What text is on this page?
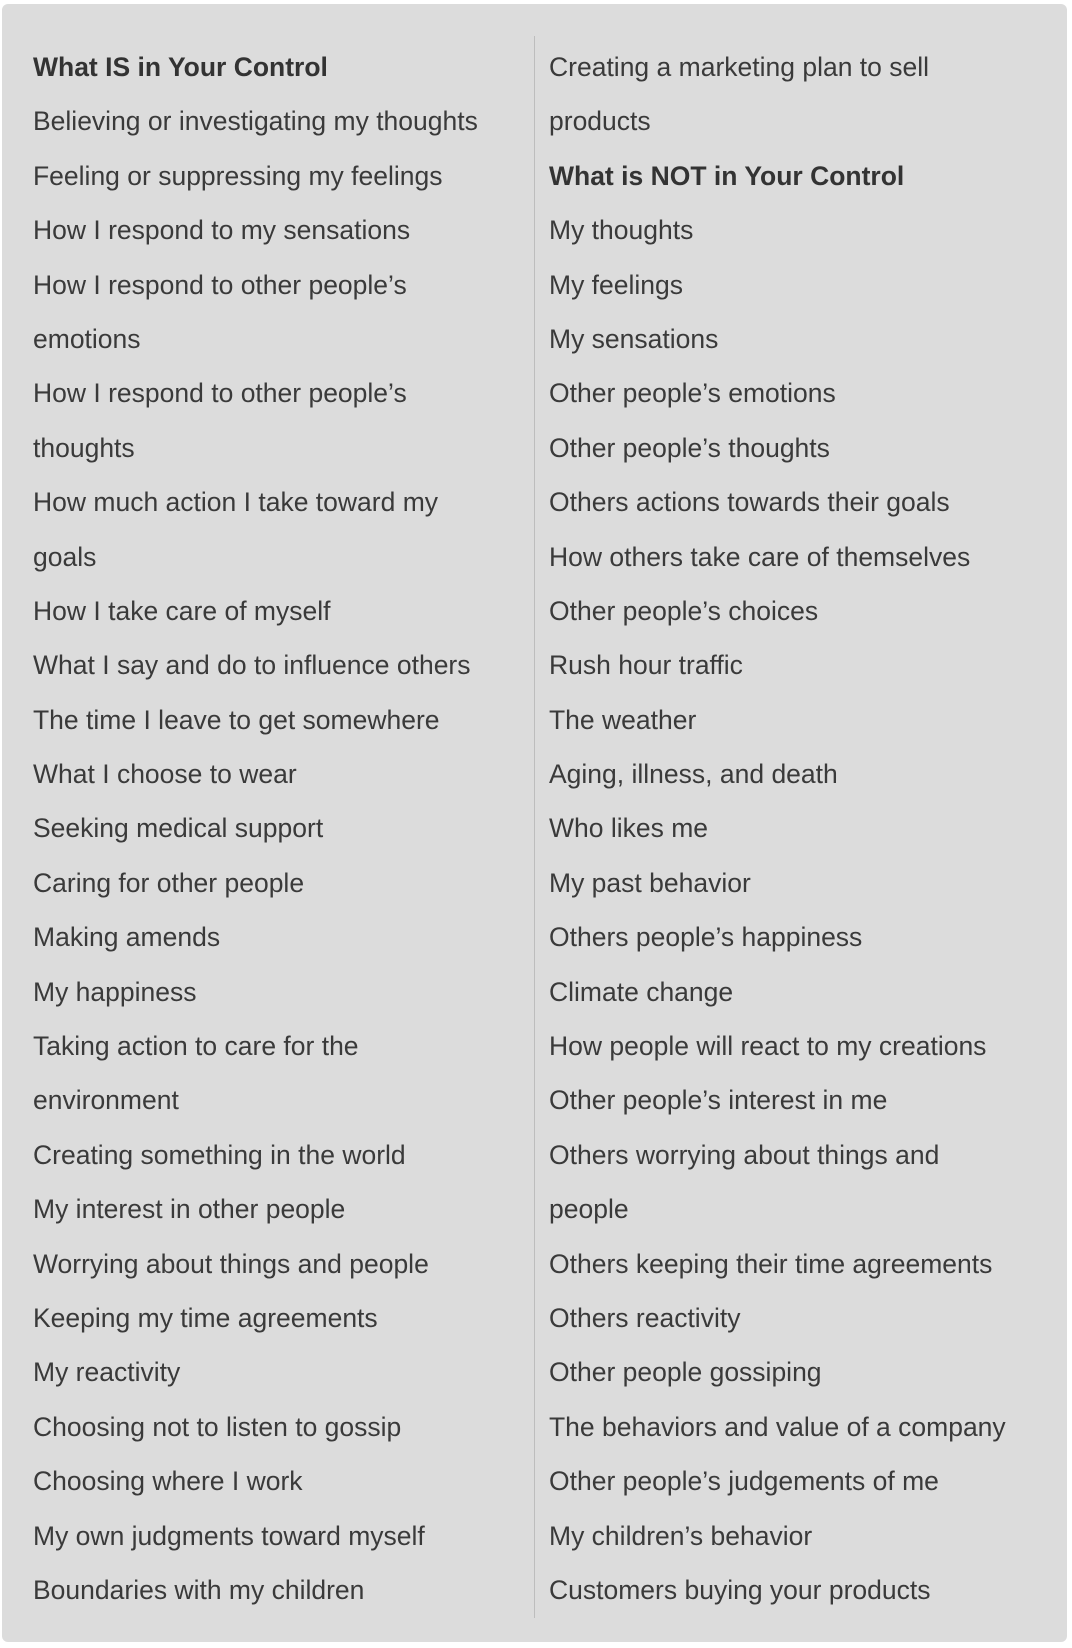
What IS in Your Control
Believing or investigating my thoughts
Feeling or suppressing my feelings
How I respond to my sensations
How I respond to other people’s
emotions
How I respond to other people’s
thoughts
How much action I take toward my
goals
How I take care of myself
What I say and do to influence others
The time I leave to get somewhere
What I choose to wear
Seeking medical support
Caring for other people
Making amends
My happiness
Taking action to care for the
environment
Creating something in the world
My interest in other people
Worrying about things and people
Keeping my time agreements
My reactivity
Choosing not to listen to gossip
Choosing where I work
My own judgments toward myself
Boundaries with my children
Creating a marketing plan to sell
products
What is NOT in Your Control
My thoughts
My feelings
My sensations
Other people’s emotions
Other people’s thoughts
Others actions towards their goals
How others take care of themselves
Other people’s choices
Rush hour traffic
The weather
Aging, illness, and death
Who likes me
My past behavior
Others people’s happiness
Climate change
How people will react to my creations
Other people’s interest in me
Others worrying about things and
people
Others keeping their time agreements
Others reactivity
Other people gossiping
The behaviors and value of a company
Other people’s judgements of me
My children’s behavior
Customers buying your products
